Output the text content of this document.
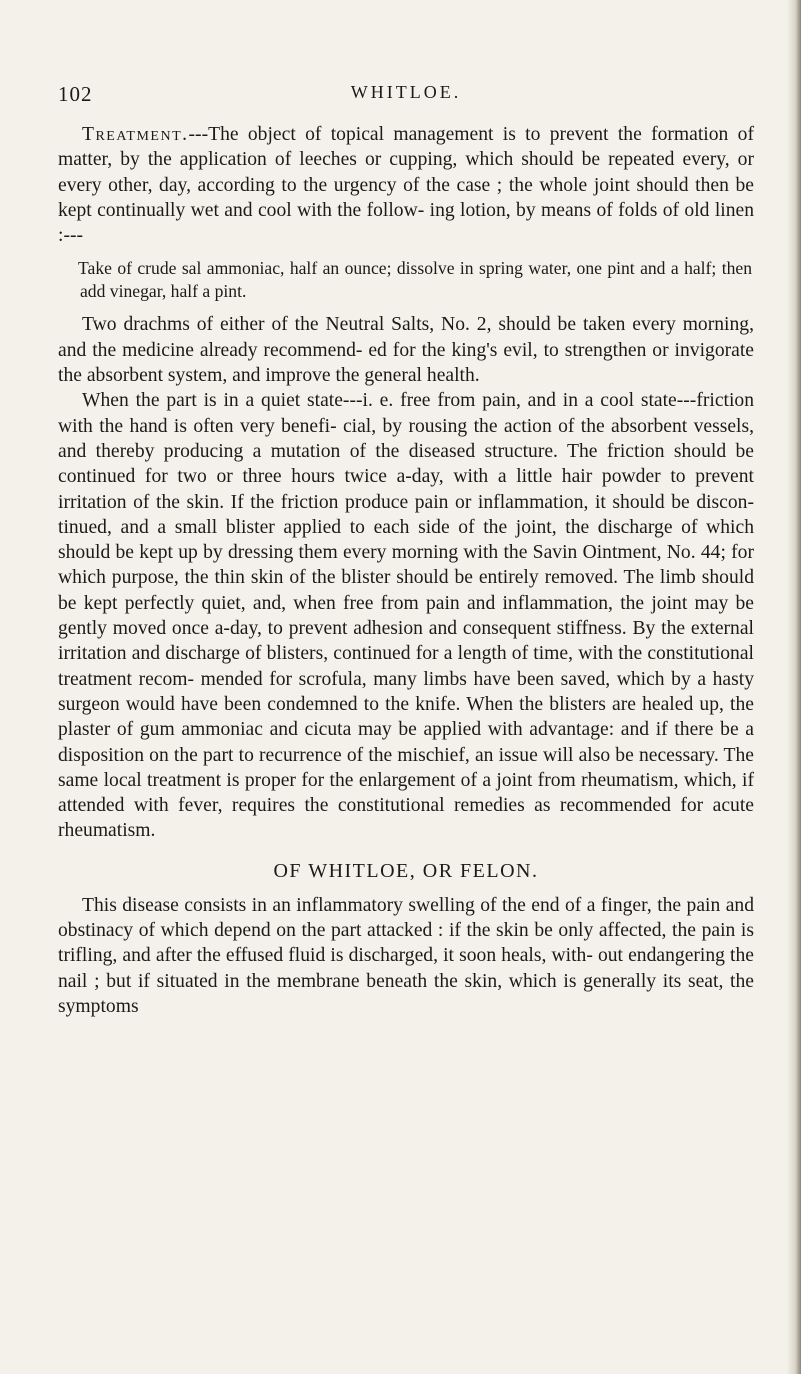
102	WHITLOE.

Treatment.---The object of topical management is to prevent the formation of matter, by the application of leeches or cupping, which should be repeated every, or every other, day, according to the urgency of the case ; the whole joint should then be kept continually wet and cool with the follow- ing lotion, by means of folds of old linen :---

Take of crude sal ammoniac, half an ounce; dissolve in spring water, one pint and a half; then add vinegar, half a pint.

Two drachms of either of the Neutral Salts, No. 2, should be taken every morning, and the medicine already recommend- ed for the king's evil, to strengthen or invigorate the absorbent system, and improve the general health.

When the part is in a quiet state---i. e. free from pain, and in a cool state---friction with the hand is often very benefi- cial, by rousing the action of the absorbent vessels, and thereby producing a mutation of the diseased structure. The friction should be continued for two or three hours twice a-day, with a little hair powder to prevent irritation of the skin. If the friction produce pain or inflammation, it should be discon- tinued, and a small blister applied to each side of the joint, the discharge of which should be kept up by dressing them every morning with the Savin Ointment, No. 44; for which purpose, the thin skin of the blister should be entirely removed. The limb should be kept perfectly quiet, and, when free from pain and inflammation, the joint may be gently moved once a-day, to prevent adhesion and consequent stiffness. By the external irritation and discharge of blisters, continued for a length of time, with the constitutional treatment recom- mended for scrofula, many limbs have been saved, which by a hasty surgeon would have been condemned to the knife. When the blisters are healed up, the plaster of gum ammoniac and cicuta may be applied with advantage: and if there be a disposition on the part to recurrence of the mischief, an issue will also be necessary. The same local treatment is proper for the enlargement of a joint from rheumatism, which, if attended with fever, requires the constitutional remedies as recommended for acute rheumatism.

OF WHITLOE, OR FELON.

This disease consists in an inflammatory swelling of the end of a finger, the pain and obstinacy of which depend on the part attacked : if the skin be only affected, the pain is trifling, and after the effused fluid is discharged, it soon heals, with- out endangering the nail ; but if situated in the membrane beneath the skin, which is generally its seat, the symptoms
